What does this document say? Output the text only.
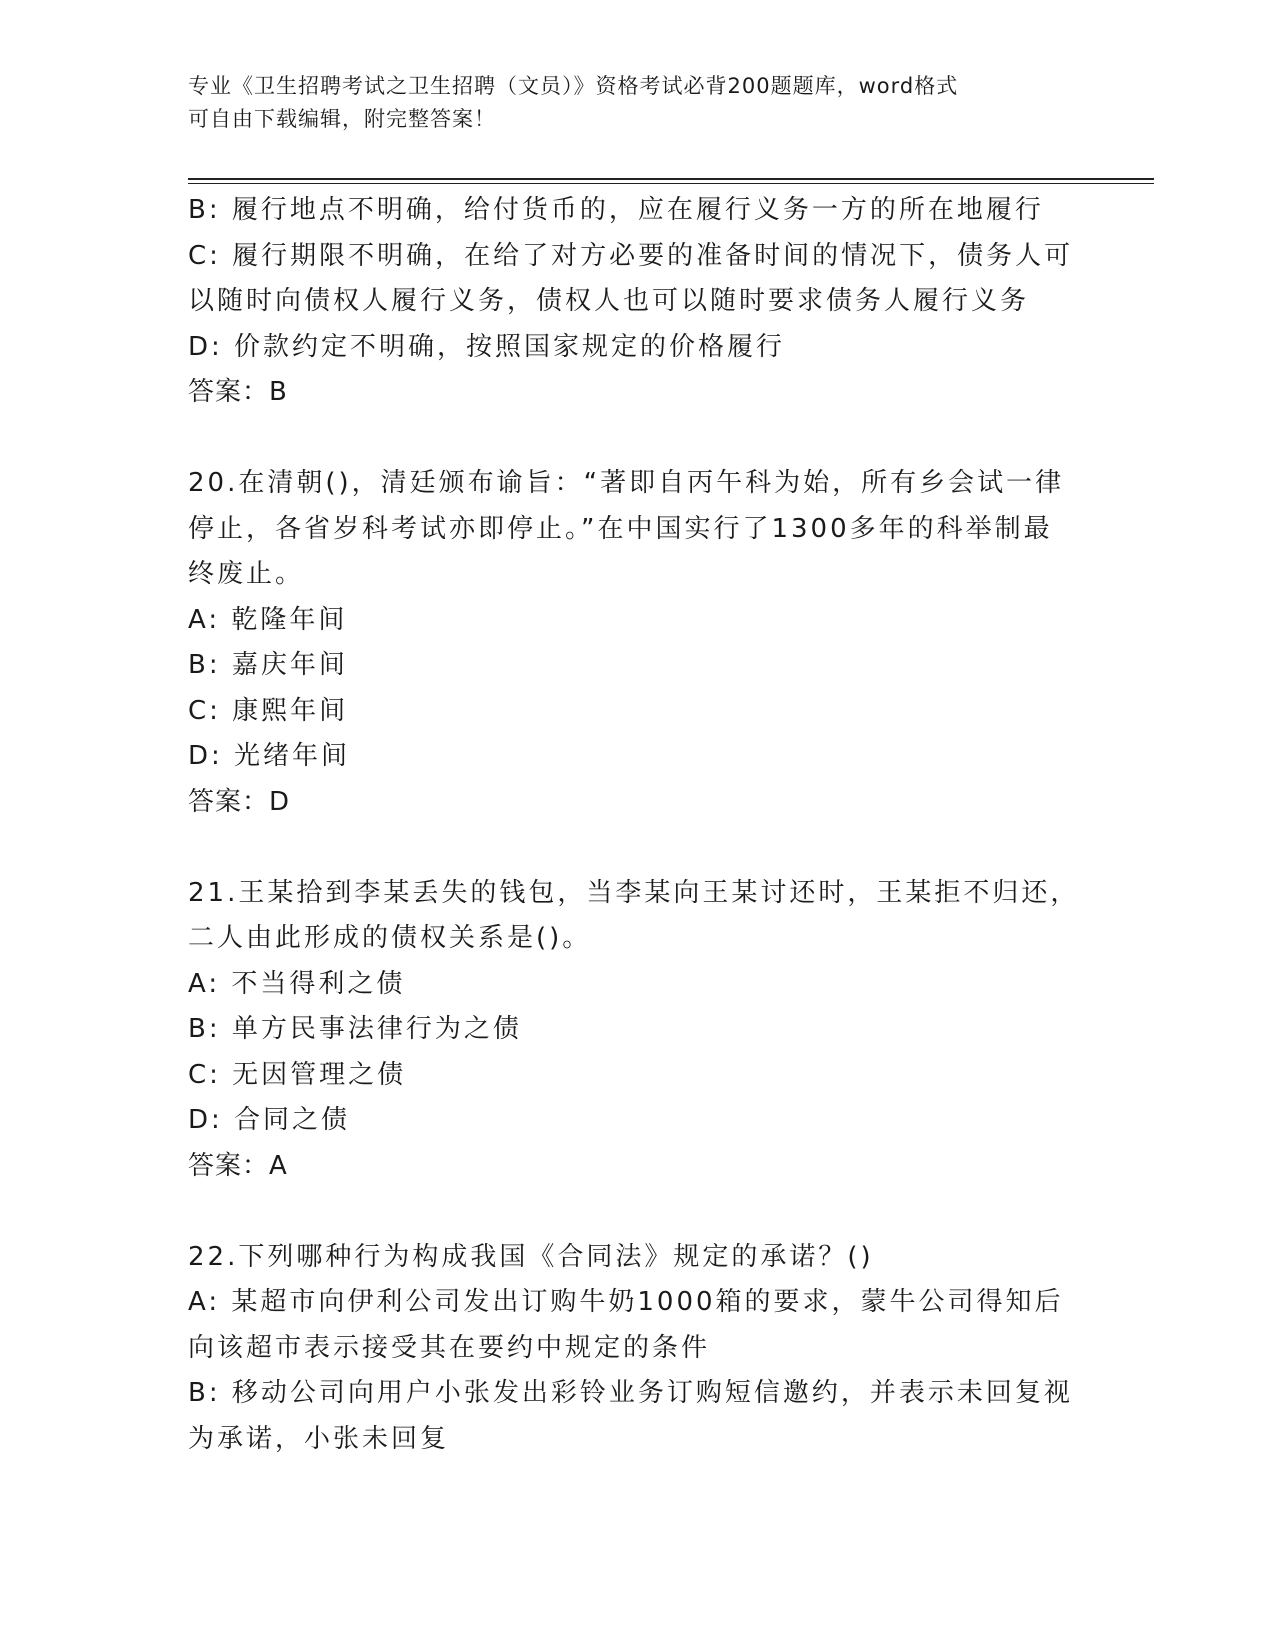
专业《卫生招聘考试之卫生招聘（文员）》资格考试必背200题题库，word格式
可自由下载编辑，附完整答案！
B: 履行地点不明确，给付货币的，应在履行义务一方的所在地履行
C: 履行期限不明确，在给了对方必要的准备时间的情况下，债务人可
以随时向债权人履行义务，债权人也可以随时要求债务人履行义务
D: 价款约定不明确，按照国家规定的价格履行
答案：B
20.在清朝()，清廷颁布谕旨：“著即自丙午科为始，所有乡会试一律
停止，各省岁科考试亦即停止。”在中国实行了1300多年的科举制最
终废止。
A: 乾隆年间
B: 嘉庆年间
C: 康熙年间
D: 光绪年间
答案：D
21.王某拾到李某丢失的钱包，当李某向王某讨还时，王某拒不归还，
二人由此形成的债权关系是()。
A: 不当得利之债
B: 单方民事法律行为之债
C: 无因管理之债
D: 合同之债
答案：A
22.下列哪种行为构成我国《合同法》规定的承诺？()
A: 某超市向伊利公司发出订购牛奶1000箱的要求，蒙牛公司得知后
向该超市表示接受其在要约中规定的条件
B: 移动公司向用户小张发出彩铃业务订购短信邀约，并表示未回复视
为承诺，小张未回复
